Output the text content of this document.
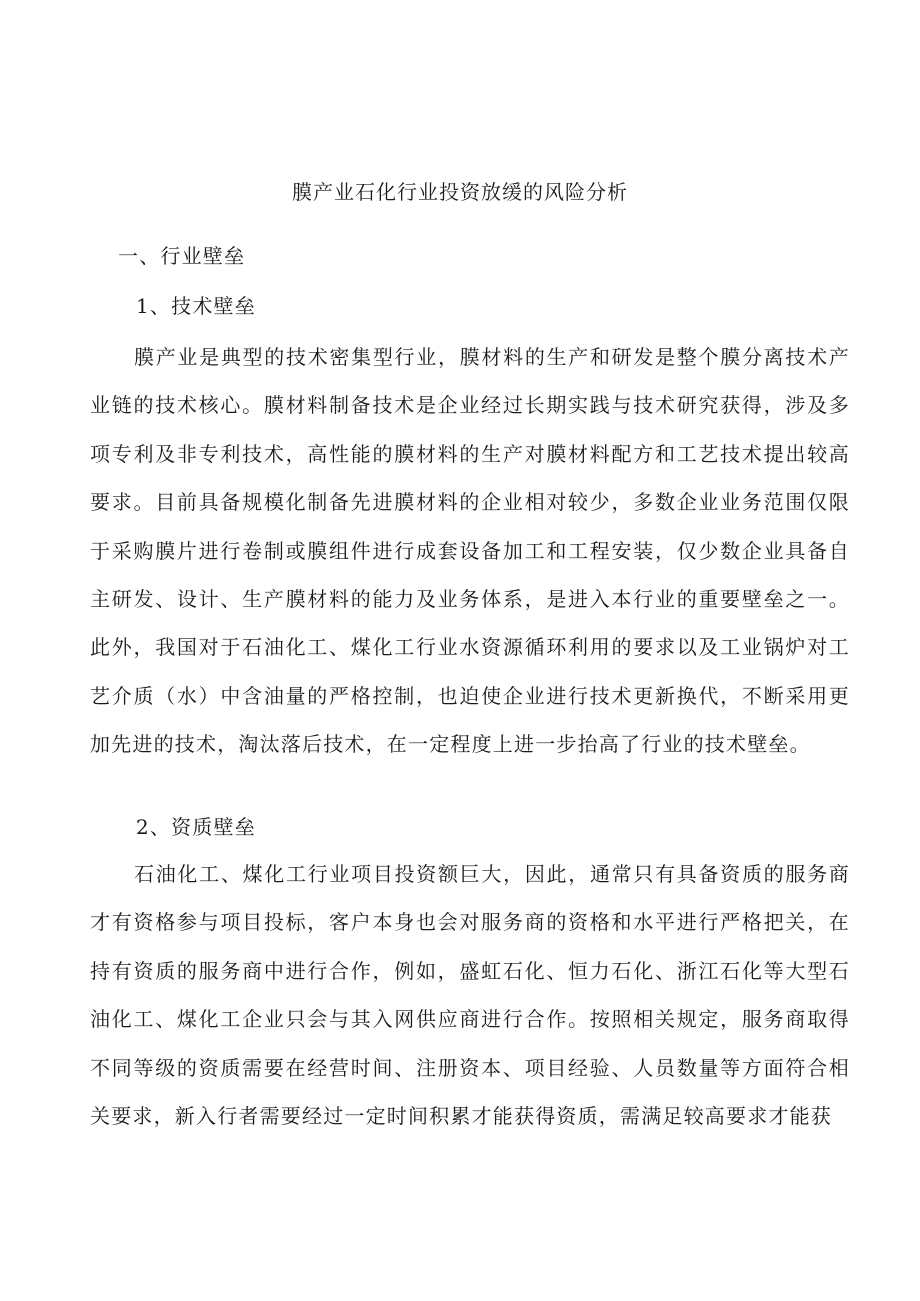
膜产业石化行业投资放缓的风险分析
一、行业壁垒
1、技术壁垒

膜产业是典型的技术密集型行业，膜材料的生产和研发是整个膜分离技术产业链的技术核心。膜材料制备技术是企业经过长期实践与技术研究获得，涉及多项专利及非专利技术，高性能的膜材料的生产对膜材料配方和工艺技术提出较高要求。目前具备规模化制备先进膜材料的企业相对较少，多数企业业务范围仅限于采购膜片进行卷制或膜组件进行成套设备加工和工程安装，仅少数企业具备自主研发、设计、生产膜材料的能力及业务体系，是进入本行业的重要壁垒之一。此外，我国对于石油化工、煤化工行业水资源循环利用的要求以及工业锅炉对工艺介质（水）中含油量的严格控制，也迫使企业进行技术更新换代，不断采用更加先进的技术，淘汰落后技术，在一定程度上进一步抬高了行业的技术壁垒。

2、资质壁垒

石油化工、煤化工行业项目投资额巨大，因此，通常只有具备资质的服务商才有资格参与项目投标，客户本身也会对服务商的资格和水平进行严格把关，在持有资质的服务商中进行合作，例如，盛虹石化、恒力石化、浙江石化等大型石油化工、煤化工企业只会与其入网供应商进行合作。按照相关规定，服务商取得不同等级的资质需要在经营时间、注册资本、项目经验、人员数量等方面符合相关要求，新入行者需要经过一定时间积累才能获得资质，需满足较高要求才能获
